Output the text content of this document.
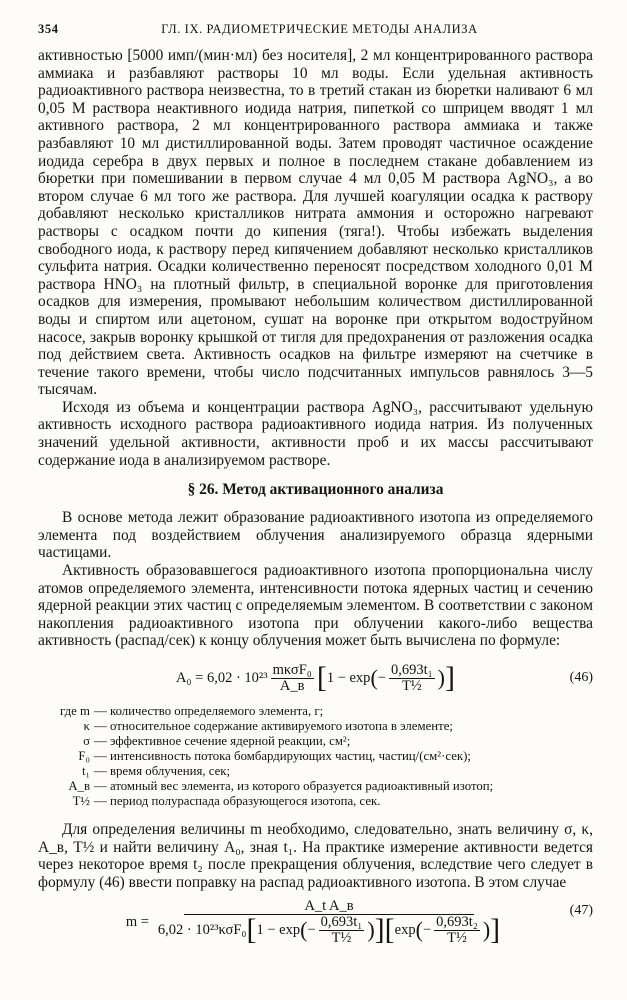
354	ГЛ. IX. РАДИОМЕТРИЧЕСКИЕ МЕТОДЫ АНАЛИЗА

активностью [5000 имп/(мин·мл) без носителя], 2 мл концентрированного раствора аммиака и разбавляют растворы 10 мл воды. Если удельная активность радиоактивного раствора неизвестна, то в третий стакан из бюретки наливают 6 мл 0,05 М раствора неактивного иодида натрия, пипеткой со шприцем вводят 1 мл активного раствора, 2 мл концентрированного раствора аммиака и также разбавляют 10 мл дистиллированной воды. Затем проводят частичное осаждение иодида серебра в двух первых и полное в последнем стакане добавлением из бюретки при помешивании в первом случае 4 мл 0,05 М раствора AgNO₃, а во втором случае 6 мл того же раствора. Для лучшей коагуляции осадка к раствору добавляют несколько кристалликов нитрата аммония и осторожно нагревают растворы с осадком почти до кипения (тяга!). Чтобы избежать выделения свободного иода, к раствору перед кипячением добавляют несколько кристалликов сульфита натрия. Осадки количественно переносят посредством холодного 0,01 М раствора HNO₃ на плотный фильтр, в специальной воронке для приготовления осадков для измерения, промывают небольшим количеством дистиллированной воды и спиртом или ацетоном, сушат на воронке при открытом водоструйном насосе, закрыв воронку крышкой от тигля для предохранения от разложения осадка под действием света. Активность осадков на фильтре измеряют на счетчике в течение такого времени, чтобы число подсчитанных импульсов равнялось 3—5 тысячам.

Исходя из объема и концентрации раствора AgNO₃, рассчитывают удельную активность исходного раствора радиоактивного иодида натрия. Из полученных значений удельной активности, активности проб и их массы рассчитывают содержание иода в анализируемом растворе.

§ 26. Метод активационного анализа

В основе метода лежит образование радиоактивного изотопа из определяемого элемента под воздействием облучения анализируемого образца ядерными частицами.

Активность образовавшегося радиоактивного изотопа пропорциональна числу атомов определяемого элемента, интенсивности потока ядерных частиц и сечению ядерной реакции этих частиц с определяемым элементом. В соответствии с законом накопления радиоактивного изотопа при облучении какого-либо вещества активность (распад/сек) к концу облучения может быть вычислена по формуле:

$A_0 = 6,02 \cdot 10^{23} \frac{\text{mκσF₀}}{A\_в}$ [ 1 − exp ( − $\frac{\text{0,693t₁}}{\text{T½}}$ ) ]	(46)
где m — количество определяемого элемента, г;
κ — относительное содержание активируемого изотопа в элементе;
σ — эффективное сечение ядерной реакции, см²;
F₀ — интенсивность потока бомбардирующих частиц, частиц/(см²·сек);
t₁ — время облучения, сек;
A_в — атомный вес элемента, из которого образуется радиоактивный изотоп;
T½ — период полураспада образующегося изотопа, сек.

Для определения величины m необходимо, следовательно, знать величину σ, κ, A_в, T½ и найти величину A₀, зная t₁. На практике измерение активности ведется через некоторое время t₂ после прекращения облучения, вследствие чего следует в формулу (46) ввести поправку на распад радиоактивного изотопа. В этом случае

m =
A_t A_в
6,02 · 10²³κσF₀ [ 1 − exp ( − $\frac{\text{0,693t₁}}{\text{T½}}$ ) ] [ exp ( − $\frac{\text{0,693t₂}}{\text{T½}}$ ) ]
(47)
